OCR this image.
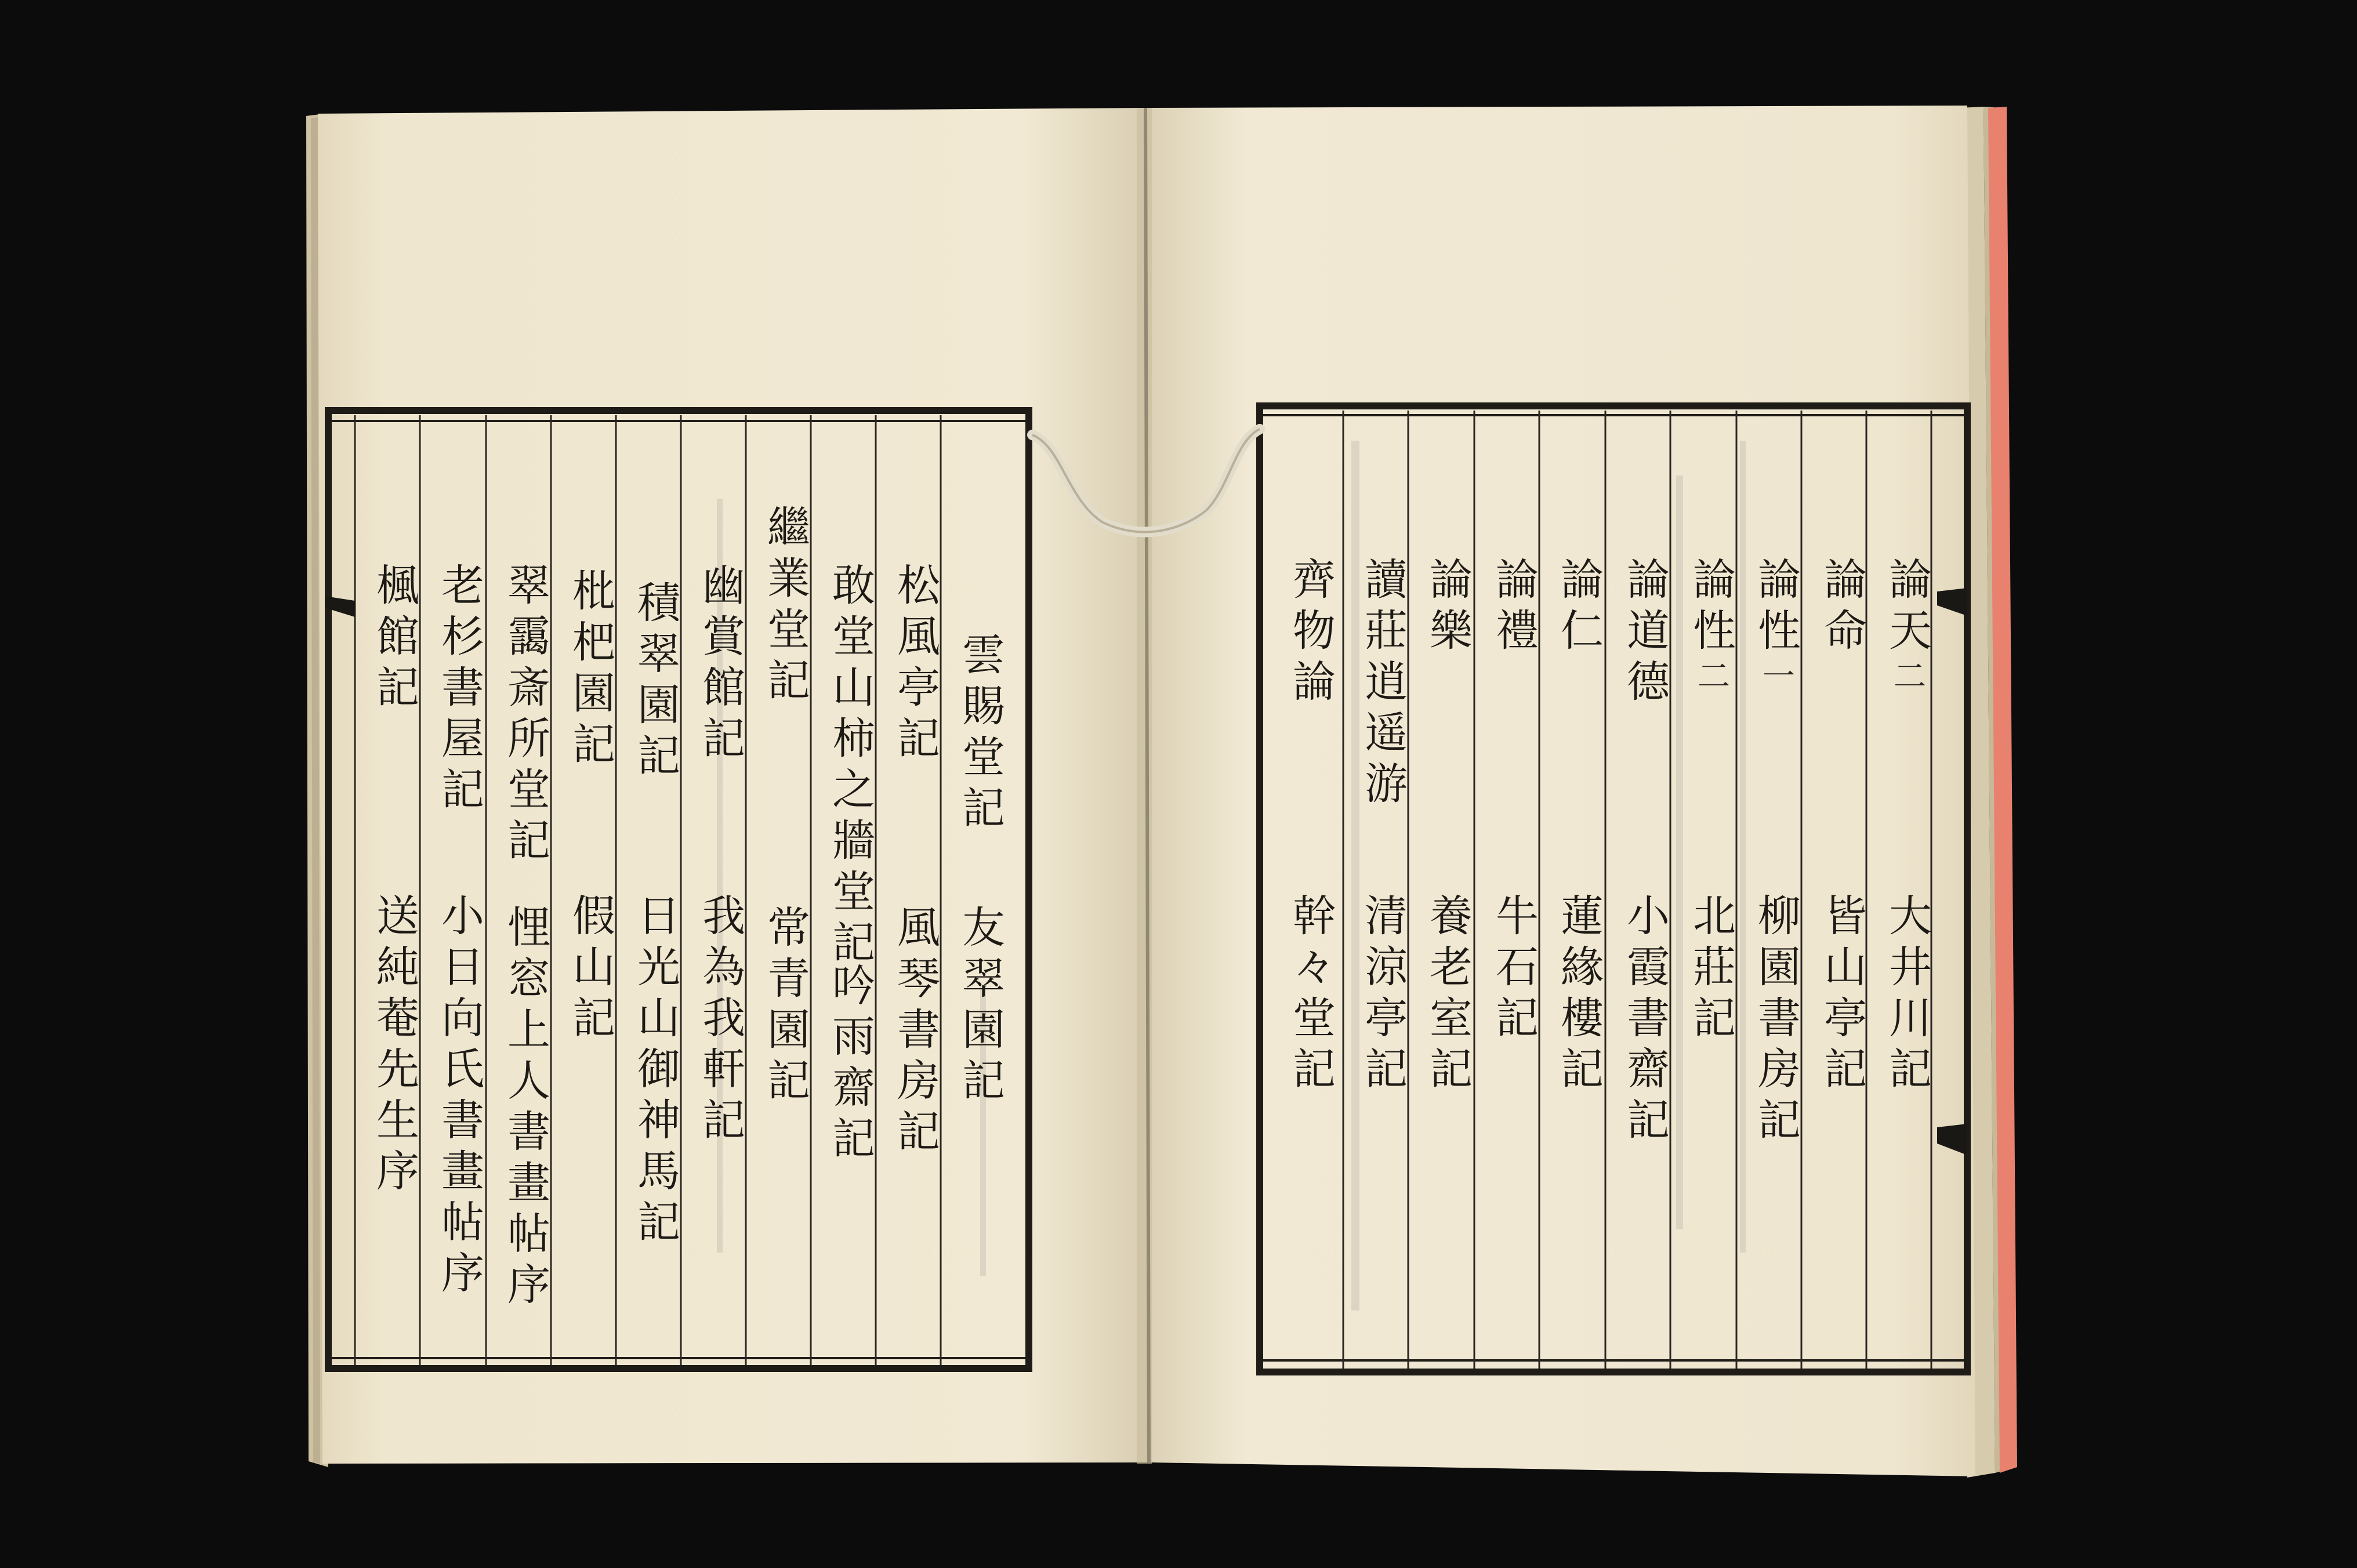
雲賜堂記
友翠園記
松風亭記
風琴書房記
敢堂山柿之牆堂記
吟雨齋記
繼業堂記
常青園記
幽賞館記
我為我軒記
積翠園記
日光山御神馬記
枇杷園記
假山記
翠靄斎所堂記
悝窓上人書畫帖序
老杉書屋記
小日向氏書畫帖序
楓館記
送純菴先生序
論天二
大井川記
論命
皆山亭記
論性一
柳園書房記
論性二
北莊記
論道德
小霞書齋記
論仁
蓮緣樓記
論禮
牛石記
論樂
養老室記
讀莊逍遥游
清涼亭記
齊物論
幹々堂記
